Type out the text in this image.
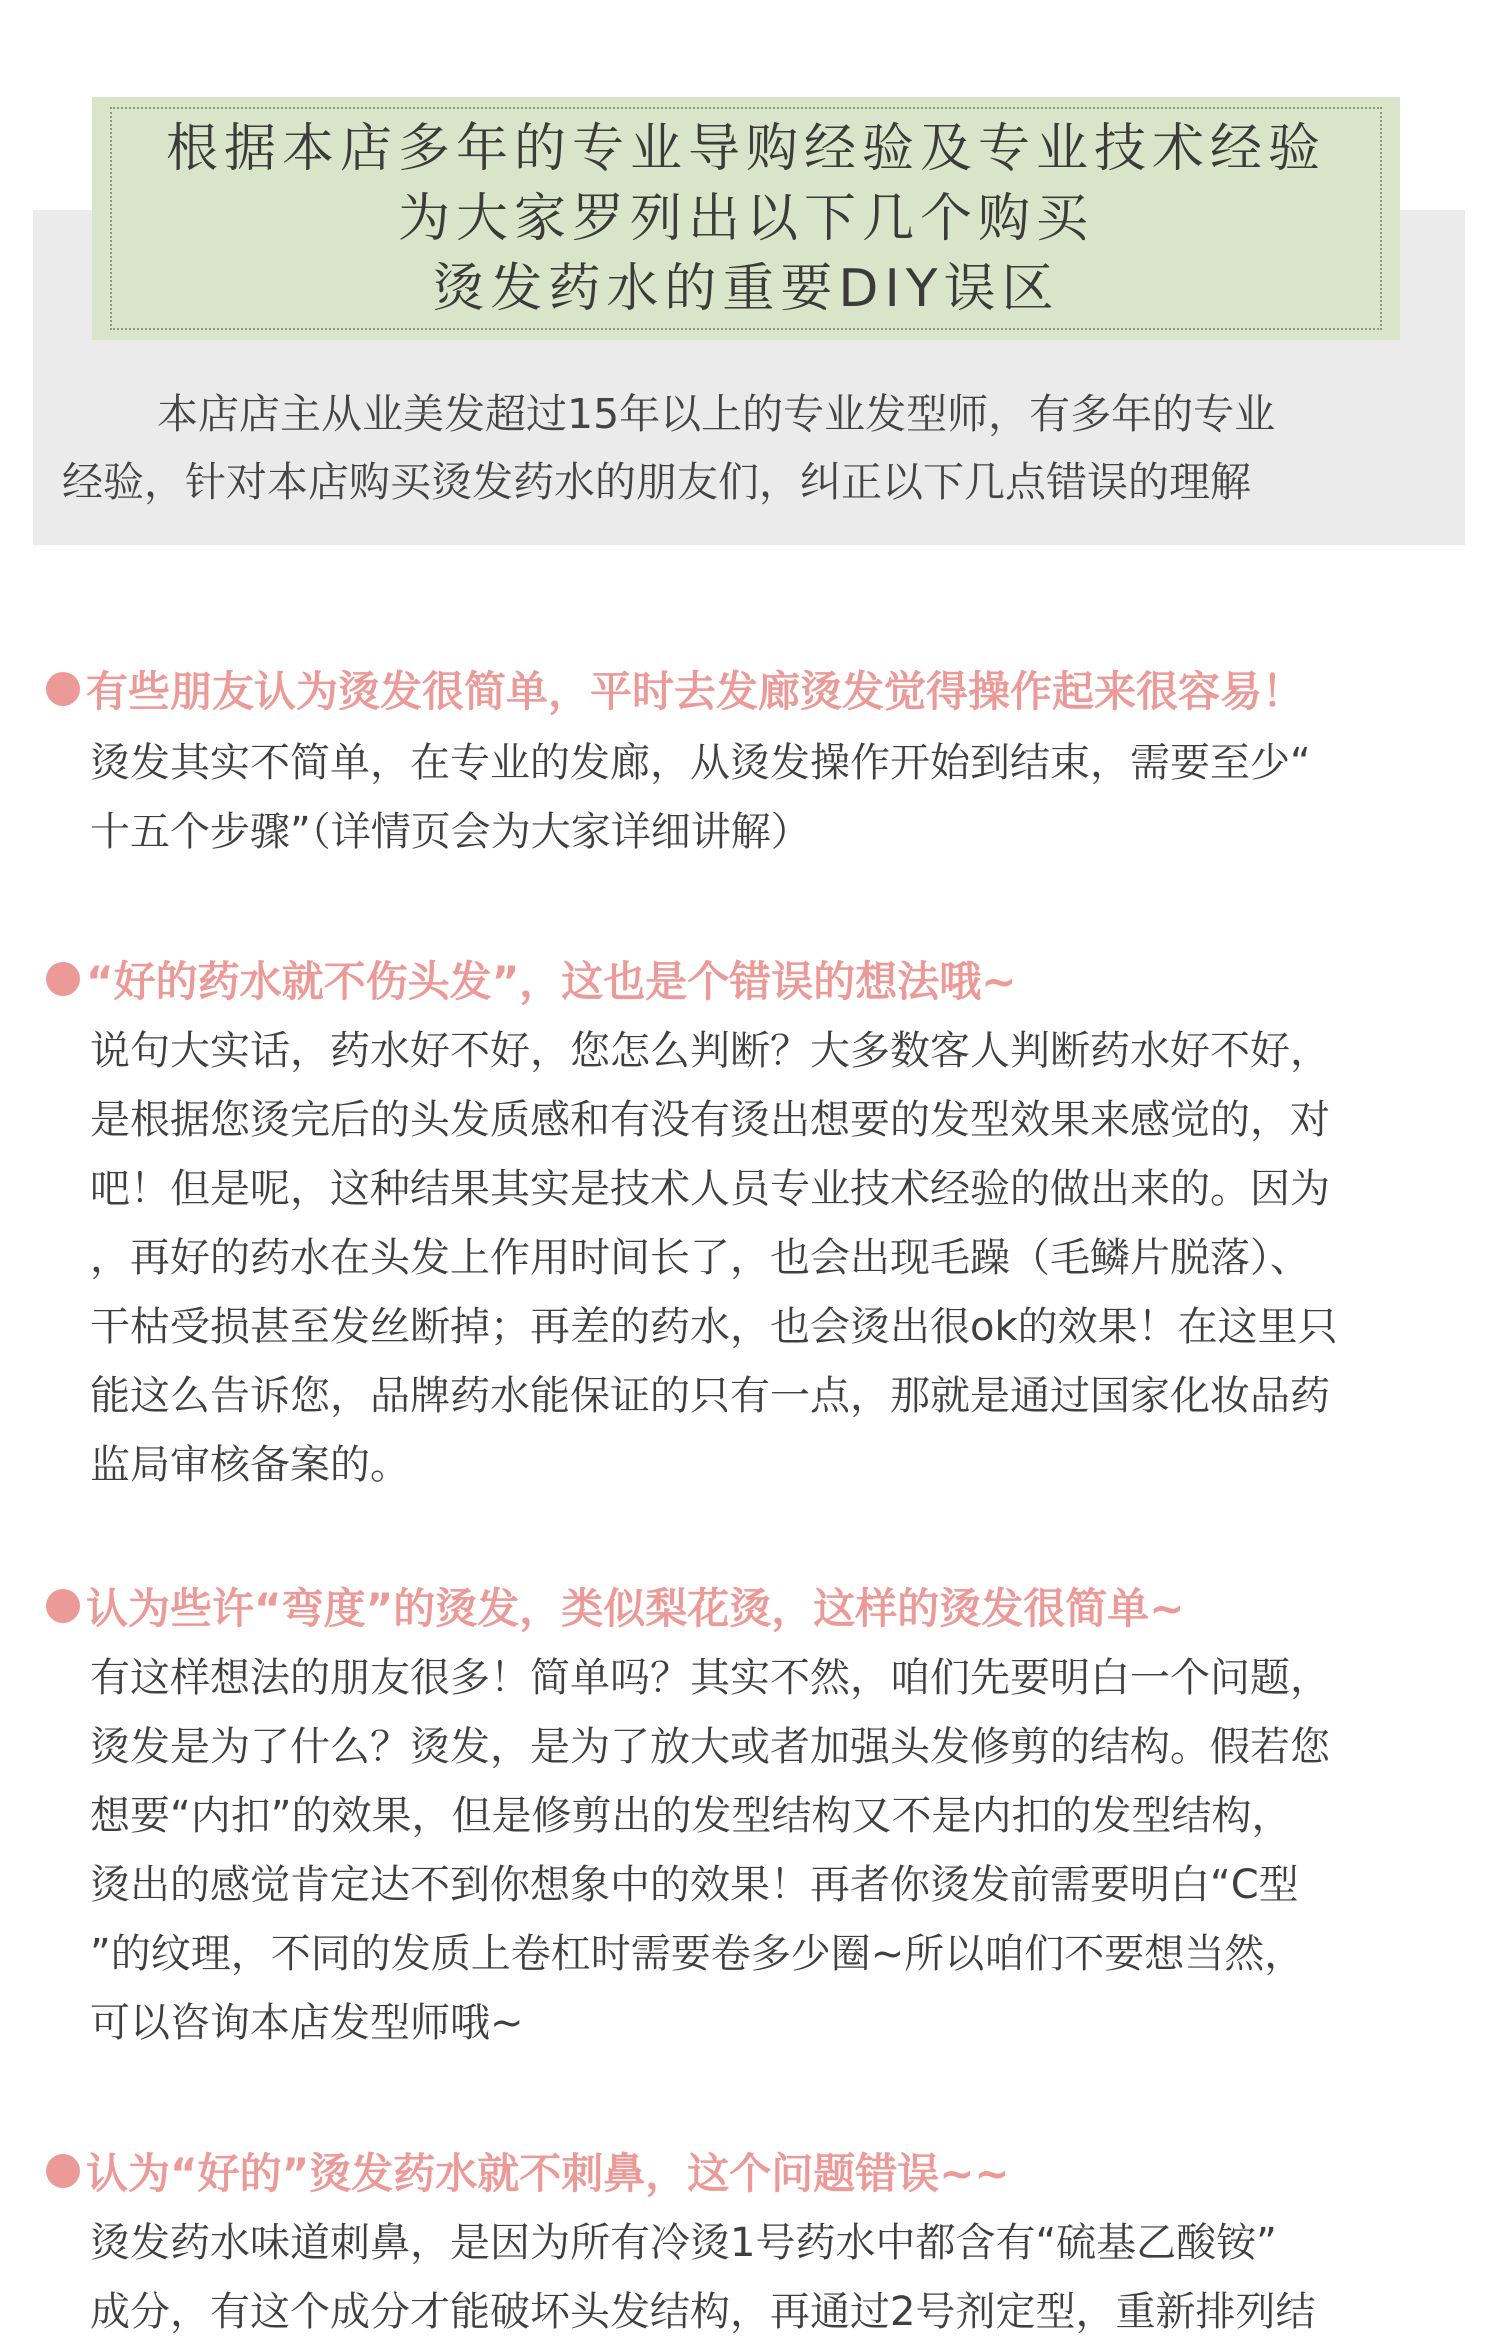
根据本店多年的专业导购经验及专业技术经验
为大家罗列出以下几个购买
烫发药水的重要DIY误区

本店店主从业美发超过15年以上的专业发型师，有多年的专业

经验，针对本店购买烫发药水的朋友们，纠正以下几点错误的理解

有些朋友认为烫发很简单，平时去发廊烫发觉得操作起来很容易！

烫发其实不简单，在专业的发廊，从烫发操作开始到结束，需要至少“

十五个步骤”（详情页会为大家详细讲解）

“好的药水就不伤头发”，这也是个错误的想法哦~

说句大实话，药水好不好，您怎么判断？大多数客人判断药水好不好，

是根据您烫完后的头发质感和有没有烫出想要的发型效果来感觉的，对

吧！但是呢，这种结果其实是技术人员专业技术经验的做出来的。因为

，再好的药水在头发上作用时间长了，也会出现毛躁（毛鳞片脱落）、

干枯受损甚至发丝断掉；再差的药水，也会烫出很ok的效果！在这里只

能这么告诉您，品牌药水能保证的只有一点，那就是通过国家化妆品药

监局审核备案的。

认为些许“弯度”的烫发，类似梨花烫，这样的烫发很简单~

有这样想法的朋友很多！简单吗？其实不然，咱们先要明白一个问题，

烫发是为了什么？烫发，是为了放大或者加强头发修剪的结构。假若您

想要“内扣”的效果，但是修剪出的发型结构又不是内扣的发型结构，

烫出的感觉肯定达不到你想象中的效果！再者你烫发前需要明白“C型

”的纹理，不同的发质上卷杠时需要卷多少圈~所以咱们不要想当然，

可以咨询本店发型师哦~

认为“好的”烫发药水就不刺鼻，这个问题错误~~

烫发药水味道刺鼻，是因为所有冷烫1号药水中都含有“硫基乙酸铵”

成分，有这个成分才能破坏头发结构，再通过2号剂定型，重新排列结
